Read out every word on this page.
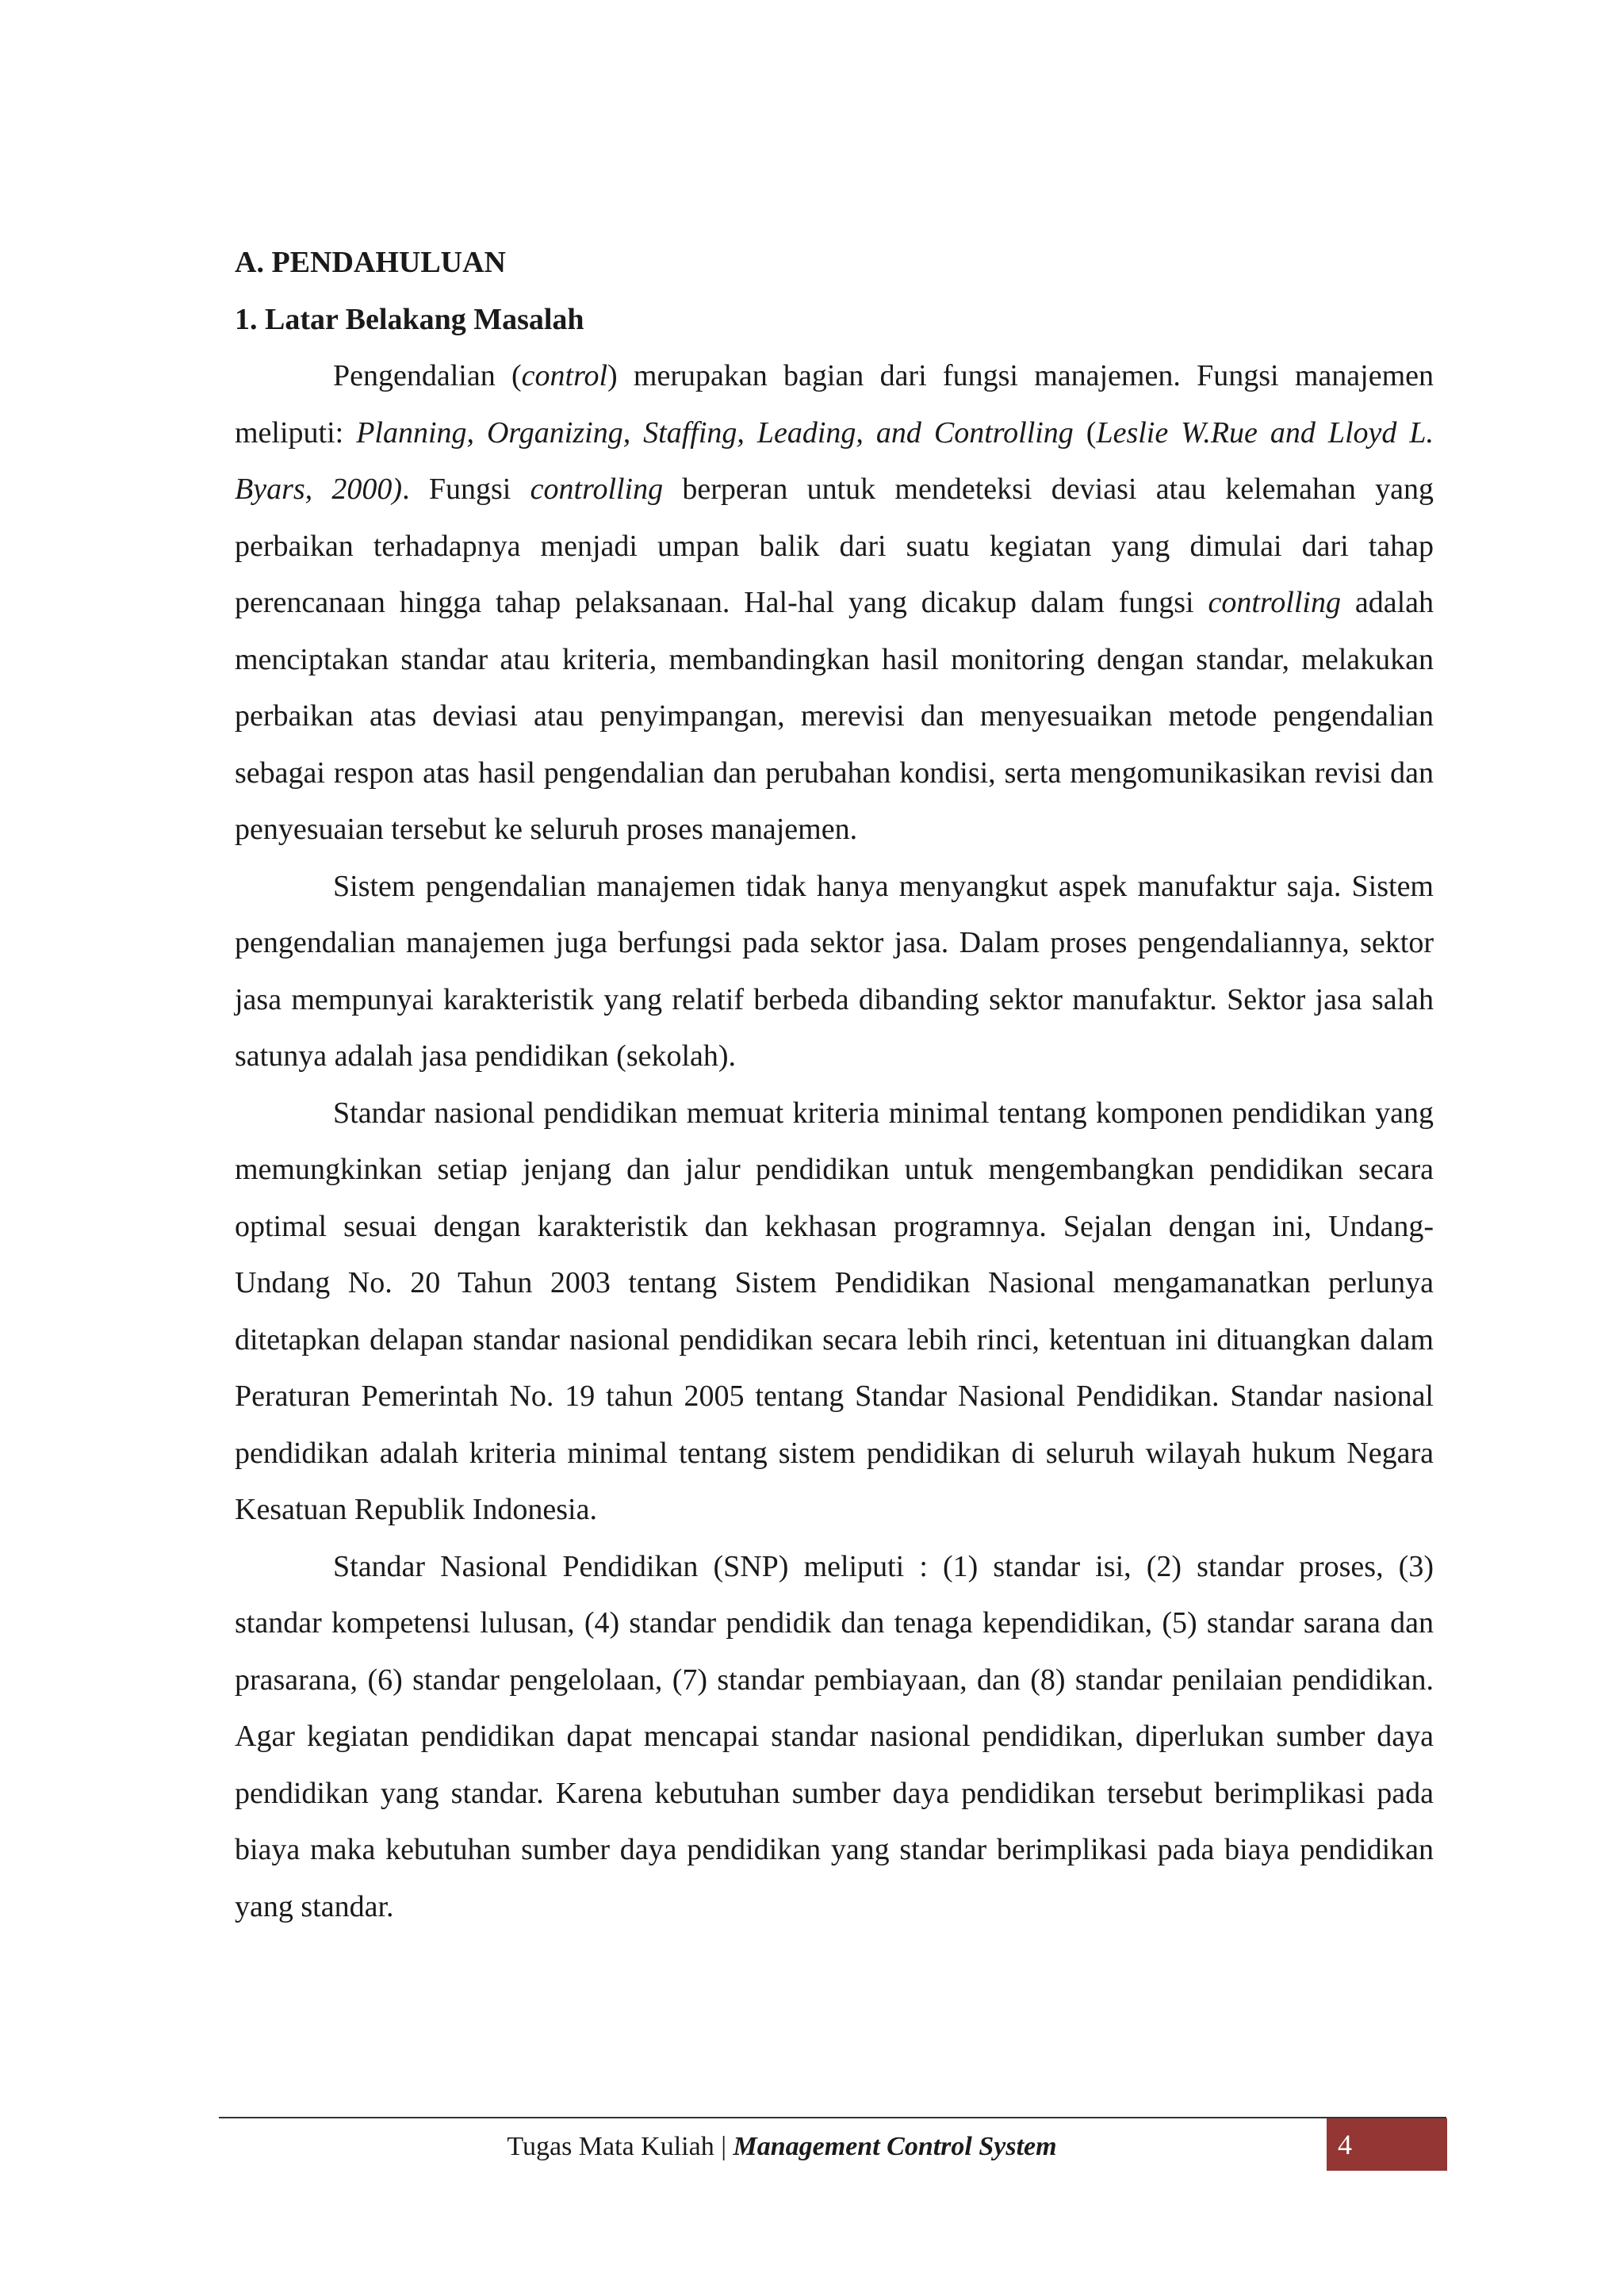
A. PENDAHULUAN

1. Latar Belakang Masalah

Pengendalian (control) merupakan bagian dari fungsi manajemen. Fungsi manajemen meliputi: Planning, Organizing, Staffing, Leading, and Controlling (Leslie W.Rue and Lloyd L. Byars, 2000). Fungsi controlling berperan untuk mendeteksi deviasi atau kelemahan yang perbaikan terhadapnya menjadi umpan balik dari suatu kegiatan yang dimulai dari tahap perencanaan hingga tahap pelaksanaan. Hal-hal yang dicakup dalam fungsi controlling adalah menciptakan standar atau kriteria, membandingkan hasil monitoring dengan standar, melakukan perbaikan atas deviasi atau penyimpangan, merevisi dan menyesuaikan metode pengendalian sebagai respon atas hasil pengendalian dan perubahan kondisi, serta mengomunikasikan revisi dan penyesuaian tersebut ke seluruh proses manajemen.

Sistem pengendalian manajemen tidak hanya menyangkut aspek manufaktur saja. Sistem pengendalian manajemen juga berfungsi pada sektor jasa. Dalam proses pengendaliannya, sektor jasa mempunyai karakteristik yang relatif berbeda dibanding sektor manufaktur. Sektor jasa salah satunya adalah jasa pendidikan (sekolah).

Standar nasional pendidikan memuat kriteria minimal tentang komponen pendidikan yang memungkinkan setiap jenjang dan jalur pendidikan untuk mengembangkan pendidikan secara optimal sesuai dengan karakteristik dan kekhasan programnya. Sejalan dengan ini, Undang-Undang No. 20 Tahun 2003 tentang Sistem Pendidikan Nasional mengamanatkan perlunya ditetapkan delapan standar nasional pendidikan secara lebih rinci, ketentuan ini dituangkan dalam Peraturan Pemerintah No. 19 tahun 2005 tentang Standar Nasional Pendidikan. Standar nasional pendidikan adalah kriteria minimal tentang sistem pendidikan di seluruh wilayah hukum Negara Kesatuan Republik Indonesia.

Standar Nasional Pendidikan (SNP) meliputi : (1) standar isi, (2) standar proses, (3) standar kompetensi lulusan, (4) standar pendidik dan tenaga kependidikan, (5) standar sarana dan prasarana, (6) standar pengelolaan, (7) standar pembiayaan, dan (8) standar penilaian pendidikan. Agar kegiatan pendidikan dapat mencapai standar nasional pendidikan, diperlukan sumber daya pendidikan yang standar. Karena kebutuhan sumber daya pendidikan tersebut berimplikasi pada biaya maka kebutuhan sumber daya pendidikan yang standar berimplikasi pada biaya pendidikan yang standar.

Tugas Mata Kuliah | Management Control System	4
